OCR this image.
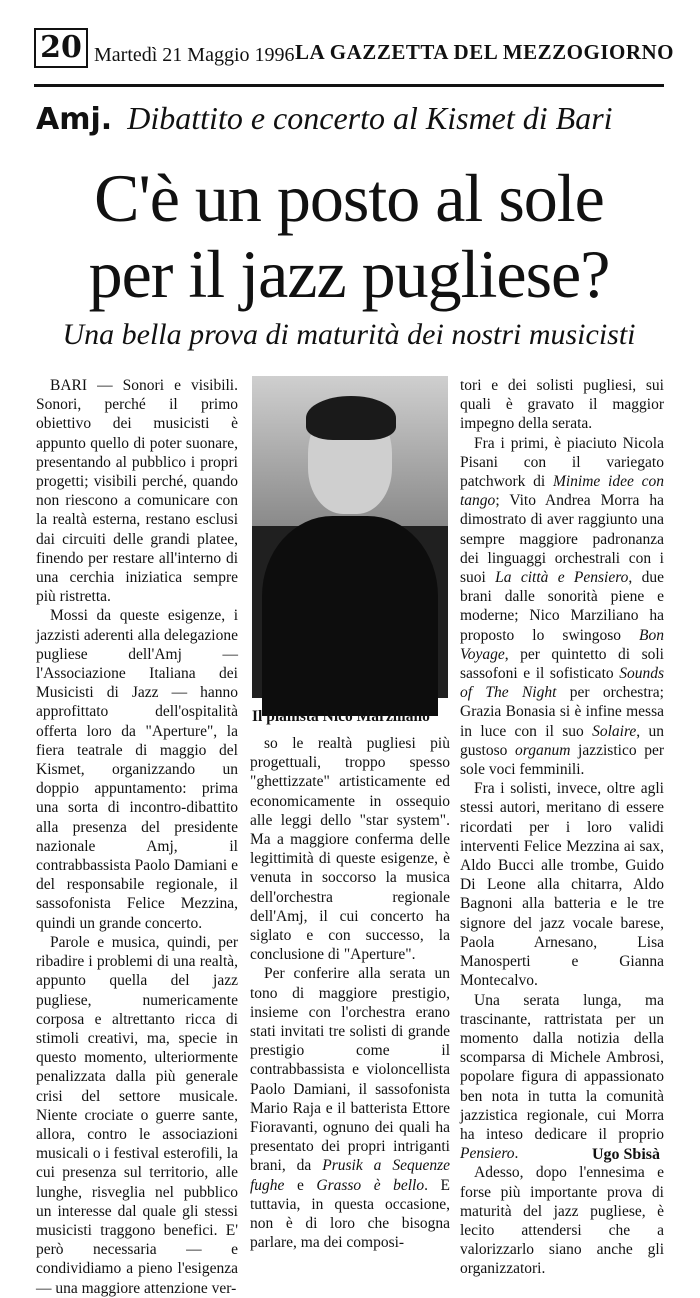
20 Martedì 21 Maggio 1996 LA GAZZETTA DEL MEZZOGIORNO
Amj. Dibattito e concerto al Kismet di Bari
C'è un posto al sole
per il jazz pugliese?
Una bella prova di maturità dei nostri musicisti

BARI — Sonori e visibili. Sonori, perché il primo obiettivo dei musicisti è appunto quello di poter suonare, presentando al pubblico i propri progetti; visibili perché, quando non riescono a comunicare con la realtà esterna, restano esclusi dai circuiti delle grandi platee, finendo per restare all'interno di una cerchia iniziatica sempre più ristretta.

Mossi da queste esigenze, i jazzisti aderenti alla delegazione pugliese dell'Amj — l'Associazione Italiana dei Musicisti di Jazz — hanno approfittato dell'ospitalità offerta loro da "Aperture", la fiera teatrale di maggio del Kismet, organizzando un doppio appuntamento: prima una sorta di incontro-dibattito alla presenza del presidente nazionale Amj, il contrabbassista Paolo Damiani e del responsabile regionale, il sassofonista Felice Mezzina, quindi un grande concerto.

Parole e musica, quindi, per ribadire i problemi di una realtà, appunto quella del jazz pugliese, numericamente corposa e altrettanto ricca di stimoli creativi, ma, specie in questo momento, ulteriormente penalizzata dalla più generale crisi del settore musicale. Niente crociate o guerre sante, allora, contro le associazioni musicali o i festival esterofili, la cui presenza sul territorio, alle lunghe, risveglia nel pubblico un interesse dal quale gli stessi musicisti traggono benefici. E' però necessaria — e condividiamo a pieno l'esigenza — una maggiore attenzione ver-

Il pianista Nico Marziliano

so le realtà pugliesi più progettuali, troppo spesso "ghettizzate" artisticamente ed economicamente in ossequio alle leggi dello "star system". Ma a maggiore conferma delle legittimità di queste esigenze, è venuta in soccorso la musica dell'orchestra regionale dell'Amj, il cui concerto ha siglato e con successo, la conclusione di "Aperture".

Per conferire alla serata un tono di maggiore prestigio, insieme con l'orchestra erano stati invitati tre solisti di grande prestigio come il contrabbassista e violoncellista Paolo Damiani, il sassofonista Mario Raja e il batterista Ettore Fioravanti, ognuno dei quali ha presentato dei propri intriganti brani, da Prusik a Sequenze fughe e Grasso è bello. E tuttavia, in questa occasione, non è di loro che bisogna parlare, ma dei composi-

tori e dei solisti pugliesi, sui quali è gravato il maggior impegno della serata.

Fra i primi, è piaciuto Nicola Pisani con il variegato patchwork di Minime idee con tango; Vito Andrea Morra ha dimostrato di aver raggiunto una sempre maggiore padronanza dei linguaggi orchestrali con i suoi La città e Pensiero, due brani dalle sonorità piene e moderne; Nico Marziliano ha proposto lo swingoso Bon Voyage, per quintetto di soli sassofoni e il sofisticato Sounds of The Night per orchestra; Grazia Bonasia si è infine messa in luce con il suo Solaire, un gustoso organum jazzistico per sole voci femminili.

Fra i solisti, invece, oltre agli stessi autori, meritano di essere ricordati per i loro validi interventi Felice Mezzina ai sax, Aldo Bucci alle trombe, Guido Di Leone alla chitarra, Aldo Bagnoni alla batteria e le tre signore del jazz vocale barese, Paola Arnesano, Lisa Manosperti e Gianna Montecalvo.

Una serata lunga, ma trascinante, rattristata per un momento dalla notizia della scomparsa di Michele Ambrosi, popolare figura di appassionato ben nota in tutta la comunità jazzistica regionale, cui Morra ha inteso dedicare il proprio Pensiero.

Adesso, dopo l'ennesima e forse più importante prova di maturità del jazz pugliese, è lecito attendersi che a valorizzarlo siano anche gli organizzatori.

Ugo Sbisà
